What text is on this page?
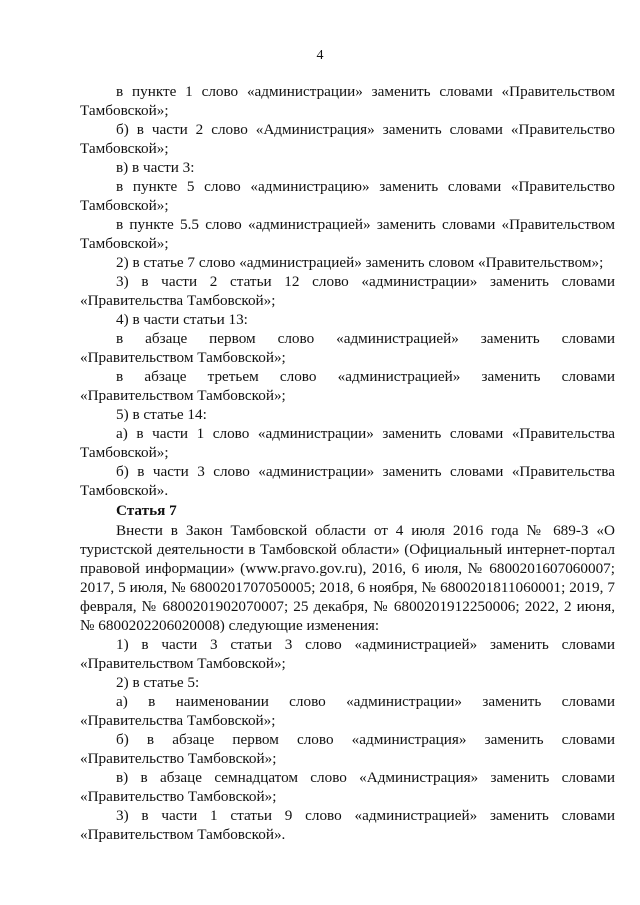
4

в пункте 1 слово «администрации» заменить словами «Правительством Тамбовской»;

б) в части 2 слово «Администрация» заменить словами «Правительство Тамбовской»;

в) в части 3:

в пункте 5 слово «администрацию» заменить словами «Правительство Тамбовской»;

в пункте 5.5 слово «администрацией» заменить словами «Правительством Тамбовской»;

2) в статье 7 слово «администрацией» заменить словом «Правительством»;

3) в части 2 статьи 12 слово «администрации» заменить словами «Правительства Тамбовской»;

4) в части статьи 13:

в абзаце первом слово «администрацией» заменить словами «Правительством Тамбовской»;

в абзаце третьем слово «администрацией» заменить словами «Правительством Тамбовской»;

5) в статье 14:

а) в части 1 слово «администрации» заменить словами «Правительства Тамбовской»;

б) в части 3 слово «администрации» заменить словами «Правительства Тамбовской».

Статья 7

Внести в Закон Тамбовской области от 4 июля 2016 года № 689-З «О туристской деятельности в Тамбовской области» (Официальный интернет-портал правовой информации» (www.pravo.gov.ru), 2016, 6 июля, № 6800201607060007; 2017, 5 июля, № 6800201707050005; 2018, 6 ноября, № 6800201811060001; 2019, 7 февраля, № 6800201902070007; 25 декабря, № 6800201912250006; 2022, 2 июня, № 6800202206020008) следующие изменения:

1) в части 3 статьи 3 слово «администрацией» заменить словами «Правительством Тамбовской»;

2) в статье 5:

а) в наименовании слово «администрации» заменить словами «Правительства Тамбовской»;

б) в абзаце первом слово «администрация» заменить словами «Правительство Тамбовской»;

в) в абзаце семнадцатом слово «Администрация» заменить словами «Правительство Тамбовской»;

3) в части 1 статьи 9 слово «администрацией» заменить словами «Правительством Тамбовской».
